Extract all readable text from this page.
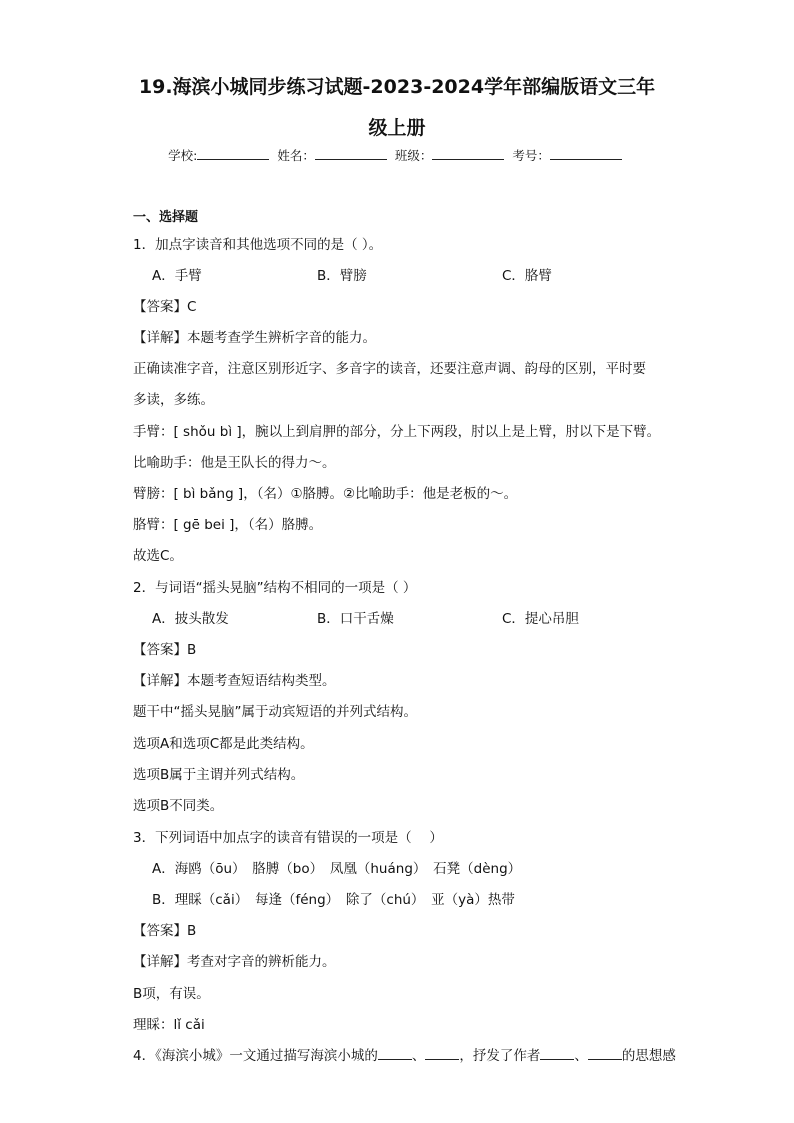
19.海滨小城同步练习试题-2023-2024学年部编版语文三年
级上册
学校:	姓名：	班级：	考号：
一、选择题
1．加点字读音和其他选项不同的是（ ）。
A．手臂	B．臂膀	C．胳臂
【答案】C
【详解】本题考查学生辨析字音的能力。
正确读准字音，注意区别形近字、多音字的读音，还要注意声调、韵母的区别，平时要
多读，多练。
手臂：[ shǒu bì ]，腕以上到肩胛的部分，分上下两段，肘以上是上臂，肘以下是下臂。
比喻助手：他是王队长的得力～。
臂膀：[ bì bǎng ]，（名）①胳膊。②比喻助手：他是老板的～。
胳臂：[ gē bei ]，（名）胳膊。
故选C。
2．与词语“摇头晃脑”结构不相同的一项是（ ）
A．披头散发	B．口干舌燥	C．提心吊胆
【答案】B
【详解】本题考查短语结构类型。
题干中“摇头晃脑”属于动宾短语的并列式结构。
选项A和选项C都是此类结构。
选项B属于主谓并列式结构。
选项B不同类。
3．下列词语中加点字的读音有错误的一项是（　 ）
A．海鸥（ōu）　胳膊（bo）　凤凰（huáng）　石凳（dèng）
B．理睬（cǎi）　每逢（féng）　除了（chú）　亚（yà）热带
【答案】B
【详解】考查对字音的辨析能力。
B项，有误。
理睬：lǐ cǎi
4．《海滨小城》一文通过描写海滨小城的	、	，抒发了作者	、	的思想感
